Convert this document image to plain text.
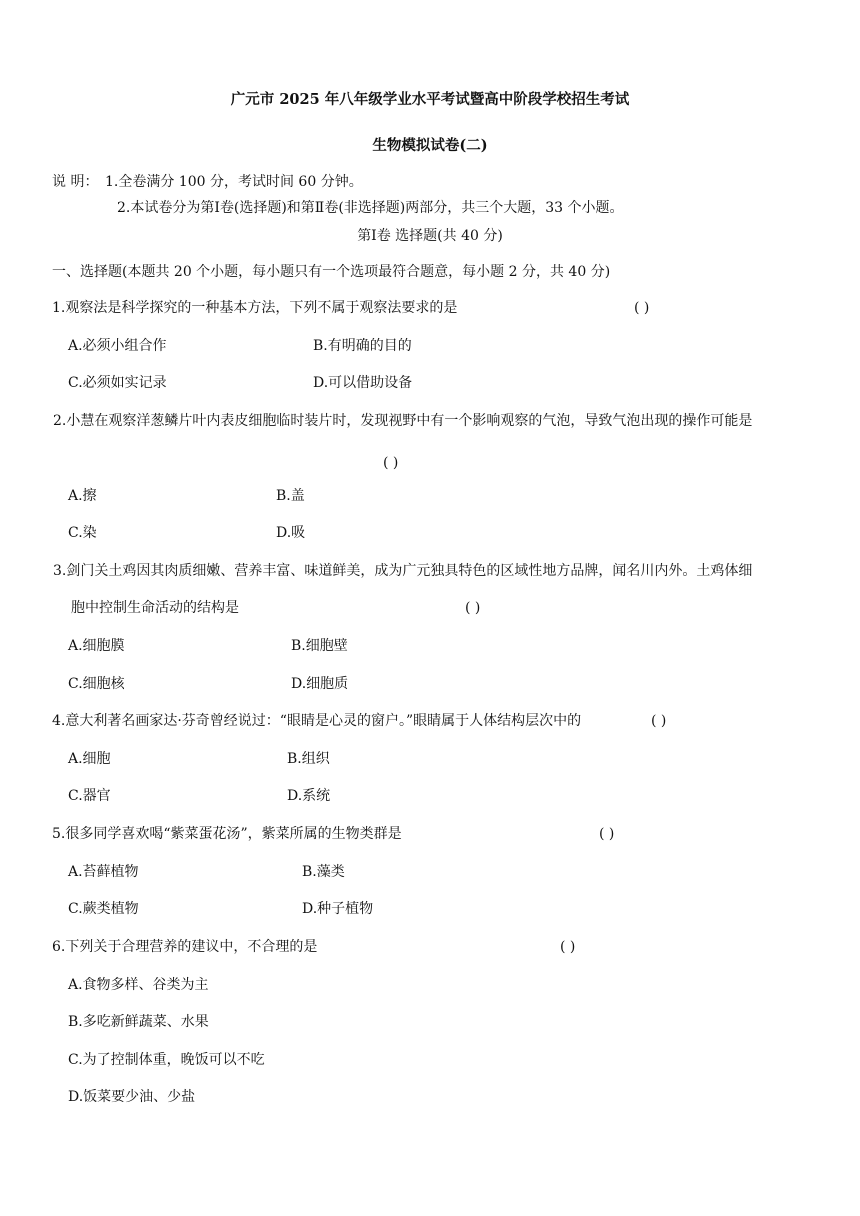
广元市 2025 年八年级学业水平考试暨高中阶段学校招生考试
生物模拟试卷(二)
说 明： 1.全卷满分 100 分，考试时间 60 分钟。
2.本试卷分为第Ⅰ卷(选择题)和第Ⅱ卷(非选择题)两部分，共三个大题，33 个小题。
第Ⅰ卷 选择题(共 40 分)
一、选择题(本题共 20 个小题，每小题只有一个选项最符合题意，每小题 2 分，共 40 分)
1.观察法是科学探究的一种基本方法，下列不属于观察法要求的是	( )
A.必须小组合作	B.有明确的目的
C.必须如实记录	D.可以借助设备
2.小慧在观察洋葱鳞片叶内表皮细胞临时装片时，发现视野中有一个影响观察的气泡，导致气泡出现的操作可能是
( )
A.擦	B.盖
C.染	D.吸
3.剑门关土鸡因其肉质细嫩、营养丰富、味道鲜美，成为广元独具特色的区域性地方品牌，闻名川内外。土鸡体细
胞中控制生命活动的结构是	( )
A.细胞膜	B.细胞壁
C.细胞核	D.细胞质
4.意大利著名画家达·芬奇曾经说过：“眼睛是心灵的窗户。”眼睛属于人体结构层次中的	( )
A.细胞	B.组织
C.器官	D.系统
5.很多同学喜欢喝“紫菜蛋花汤”，紫菜所属的生物类群是	( )
A.苔藓植物	B.藻类
C.蕨类植物	D.种子植物
6.下列关于合理营养的建议中，不合理的是	( )
A.食物多样、谷类为主
B.多吃新鲜蔬菜、水果
C.为了控制体重，晚饭可以不吃
D.饭菜要少油、少盐
